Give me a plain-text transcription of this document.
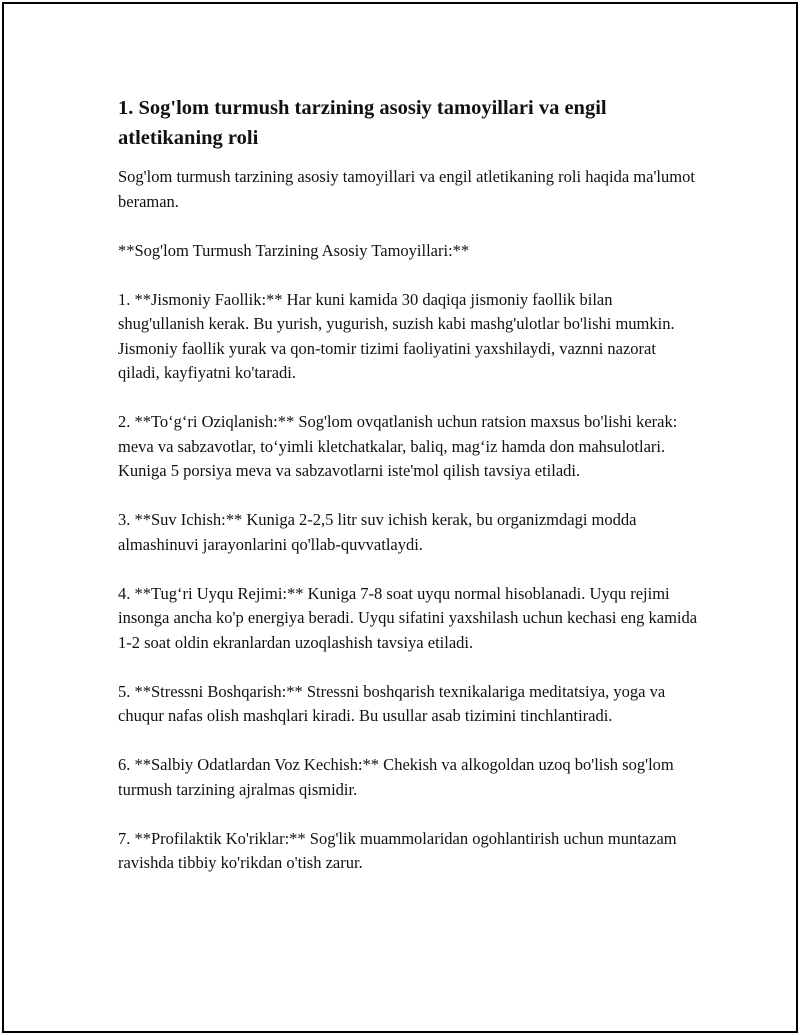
1. Sog'lom turmush tarzining asosiy tamoyillari va engil atletikaning roli

Sog'lom turmush tarzining asosiy tamoyillari va engil atletikaning roli haqida ma'lumot beraman.

**Sog'lom Turmush Tarzining Asosiy Tamoyillari:**

1. **Jismoniy Faollik:** Har kuni kamida 30 daqiqa jismoniy faollik bilan shug'ullanish kerak. Bu yurish, yugurish, suzish kabi mashg'ulotlar bo'lishi mumkin. Jismoniy faollik yurak va qon-tomir tizimi faoliyatini yaxshilaydi, vaznni nazorat qiladi, kayfiyatni ko'taradi.

2. **To‘g‘ri Oziqlanish:** Sog'lom ovqatlanish uchun ratsion maxsus bo'lishi kerak: meva va sabzavotlar, to‘yimli kletchatkalar, baliq, mag‘iz hamda don mahsulotlari. Kuniga 5 porsiya meva va sabzavotlarni iste'mol qilish tavsiya etiladi.

3. **Suv Ichish:** Kuniga 2-2,5 litr suv ichish kerak, bu organizmdagi modda almashinuvi jarayonlarini qo'llab-quvvatlaydi.

4. **Tug‘ri Uyqu Rejimi:** Kuniga 7-8 soat uyqu normal hisoblanadi. Uyqu rejimi insonga ancha ko'p energiya beradi. Uyqu sifatini yaxshilash uchun kechasi eng kamida 1-2 soat oldin ekranlardan uzoqlashish tavsiya etiladi.

5. **Stressni Boshqarish:** Stressni boshqarish texnikalariga meditatsiya, yoga va chuqur nafas olish mashqlari kiradi. Bu usullar asab tizimini tinchlantiradi.

6. **Salbiy Odatlardan Voz Kechish:** Chekish va alkogoldan uzoq bo'lish sog'lom turmush tarzining ajralmas qismidir.

7. **Profilaktik Ko'riklar:** Sog'lik muammolaridan ogohlantirish uchun muntazam ravishda tibbiy ko'rikdan o'tish zarur.
